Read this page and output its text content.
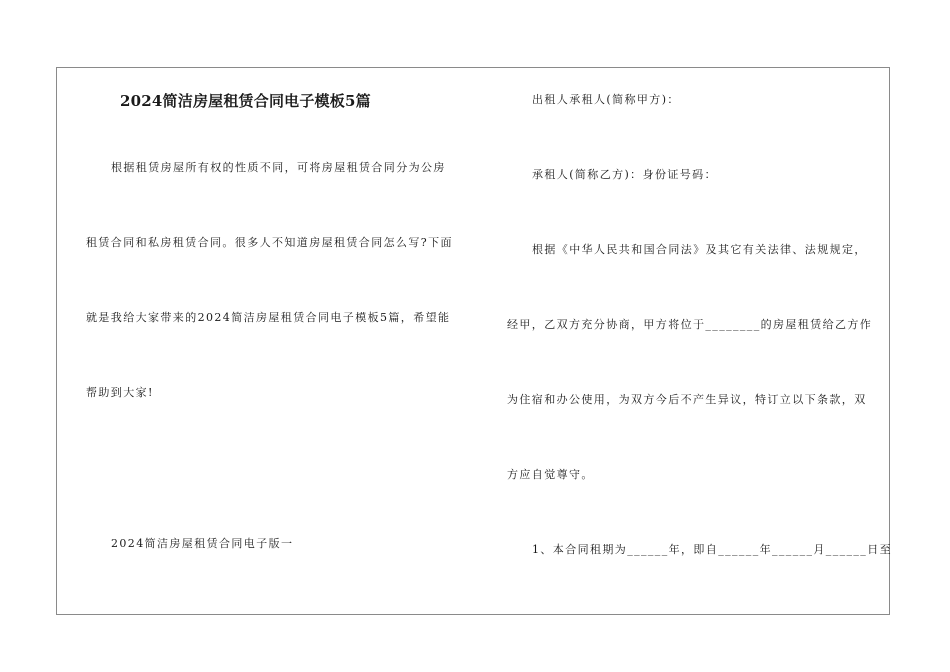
2024简洁房屋租赁合同电子模板5篇
根据租赁房屋所有权的性质不同，可将房屋租赁合同分为公房
租赁合同和私房租赁合同。很多人不知道房屋租赁合同怎么写?下面
就是我给大家带来的2024简洁房屋租赁合同电子模板5篇，希望能
帮助到大家!
2024简洁房屋租赁合同电子版一
出租人承租人(简称甲方)：
承租人(简称乙方)：身份证号码：
根据《中华人民共和国合同法》及其它有关法律、法规规定，
经甲，乙双方充分协商，甲方将位于________的房屋租赁给乙方作
为住宿和办公使用，为双方今后不产生异议，特订立以下条款，双
方应自觉尊守。
1、本合同租期为______年，即自______年______月______日至
